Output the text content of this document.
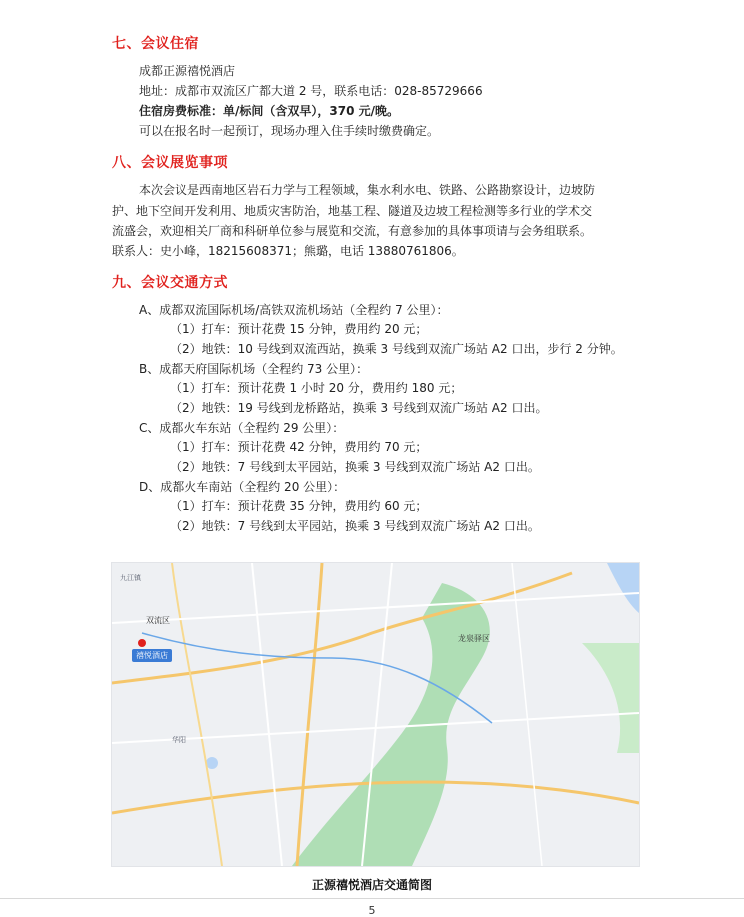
七、会议住宿
成都正源禧悦酒店
地址：成都市双流区广都大道 2 号，联系电话：028-85729666
住宿房费标准：单/标间（含双早），370 元/晚。
可以在报名时一起预订，现场办理入住手续时缴费确定。
八、会议展览事项
本次会议是西南地区岩石力学与工程领域，集水利水电、铁路、公路勘察设计，边坡防
护、地下空间开发利用、地质灾害防治，地基工程、隧道及边坡工程检测等多行业的学术交
流盛会，欢迎相关厂商和科研单位参与展览和交流，有意参加的具体事项请与会务组联系。
联系人：史小峰，18215608371；熊璐，电话 13880761806。
九、会议交通方式
A、成都双流国际机场/高铁双流机场站（全程约 7 公里）：
（1）打车：预计花费 15 分钟，费用约 20 元；
（2）地铁：10 号线到双流西站，换乘 3 号线到双流广场站 A2 口出，步行 2 分钟。
B、成都天府国际机场（全程约 73 公里）：
（1）打车：预计花费 1 小时 20 分，费用约 180 元；
（2）地铁：19 号线到龙桥路站，换乘 3 号线到双流广场站 A2 口出。
C、成都火车东站（全程约 29 公里）：
（1）打车：预计花费 42 分钟，费用约 70 元；
（2）地铁：7 号线到太平园站，换乘 3 号线到双流广场站 A2 口出。
D、成都火车南站（全程约 20 公里）：
（1）打车：预计花费 35 分钟，费用约 60 元；
（2）地铁：7 号线到太平园站，换乘 3 号线到双流广场站 A2 口出。
禧悦酒店
双流区
龙泉驿区
九江镇
华阳
正源禧悦酒店交通简图
5
